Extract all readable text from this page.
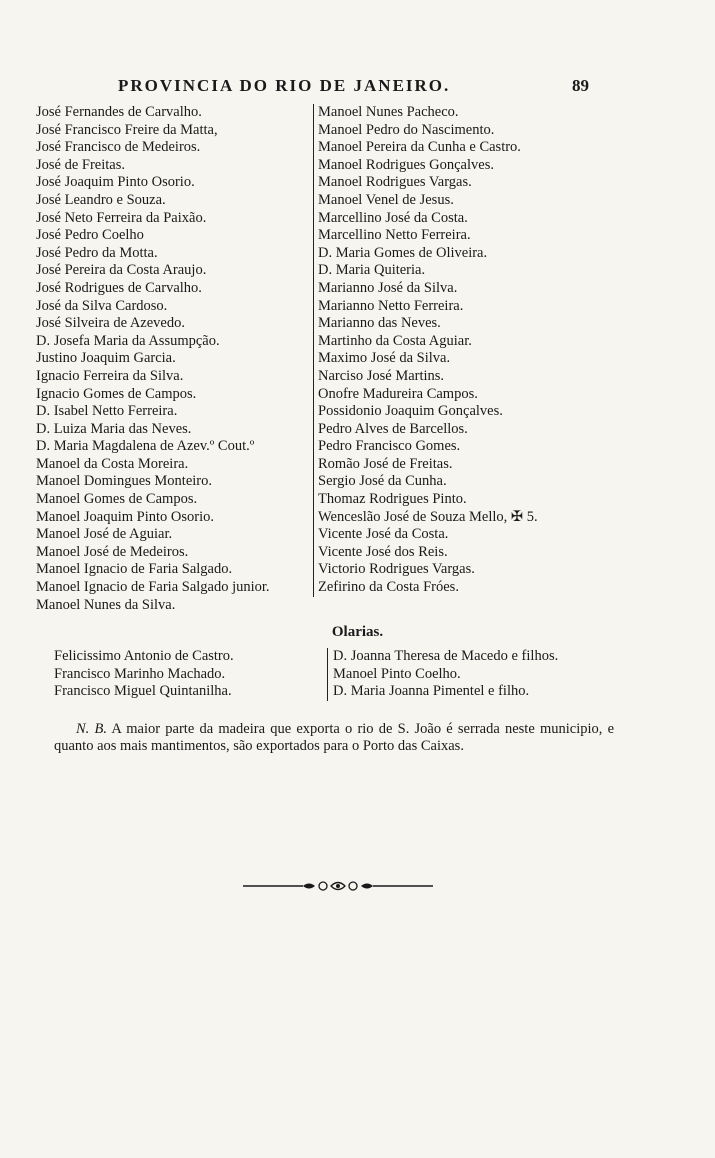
PROVINCIA DO RIO DE JANEIRO.	89
José Fernandes de Carvalho.
José Francisco Freire da Matta,
José Francisco de Medeiros.
José de Freitas.
José Joaquim Pinto Osorio.
José Leandro e Souza.
José Neto Ferreira da Paixão.
José Pedro Coelho
José Pedro da Motta.
José Pereira da Costa Araujo.
José Rodrigues de Carvalho.
José da Silva Cardoso.
José Silveira de Azevedo.
D. Josefa Maria da Assumpção.
Justino Joaquim Garcia.
Ignacio Ferreira da Silva.
Ignacio Gomes de Campos.
D. Isabel Netto Ferreira.
D. Luiza Maria das Neves.
D. Maria Magdalena de Azev.º Cout.º
Manoel da Costa Moreira.
Manoel Domingues Monteiro.
Manoel Gomes de Campos.
Manoel Joaquim Pinto Osorio.
Manoel José de Aguiar.
Manoel José de Medeiros.
Manoel Ignacio de Faria Salgado.
Manoel Ignacio de Faria Salgado junior.
Manoel Nunes da Silva.
Manoel Nunes Pacheco.
Manoel Pedro do Nascimento.
Manoel Pereira da Cunha e Castro.
Manoel Rodrigues Gonçalves.
Manoel Rodrigues Vargas.
Manoel Venel de Jesus.
Marcellino José da Costa.
Marcellino Netto Ferreira.
D. Maria Gomes de Oliveira.
D. Maria Quiteria.
Marianno José da Silva.
Marianno Netto Ferreira.
Marianno das Neves.
Martinho da Costa Aguiar.
Maximo José da Silva.
Narciso José Martins.
Onofre Madureira Campos.
Possidonio Joaquim Gonçalves.
Pedro Alves de Barcellos.
Pedro Francisco Gomes.
Romão José de Freitas.
Sergio José da Cunha.
Thomaz Rodrigues Pinto.
Wenceslão José de Souza Mello, ✠ 5.
Vicente José da Costa.
Vicente José dos Reis.
Victorio Rodrigues Vargas.
Zefirino da Costa Fróes.
Olarias.
Felicissimo Antonio de Castro.
Francisco Marinho Machado.
Francisco Miguel Quintanilha.
D. Joanna Theresa de Macedo e filhos.
Manoel Pinto Coelho.
D. Maria Joanna Pimentel e filho.

N. B. A maior parte da madeira que exporta o rio de S. João é serrada neste municipio, e quanto aos mais mantimentos, são exportados para o Porto das Caixas.
